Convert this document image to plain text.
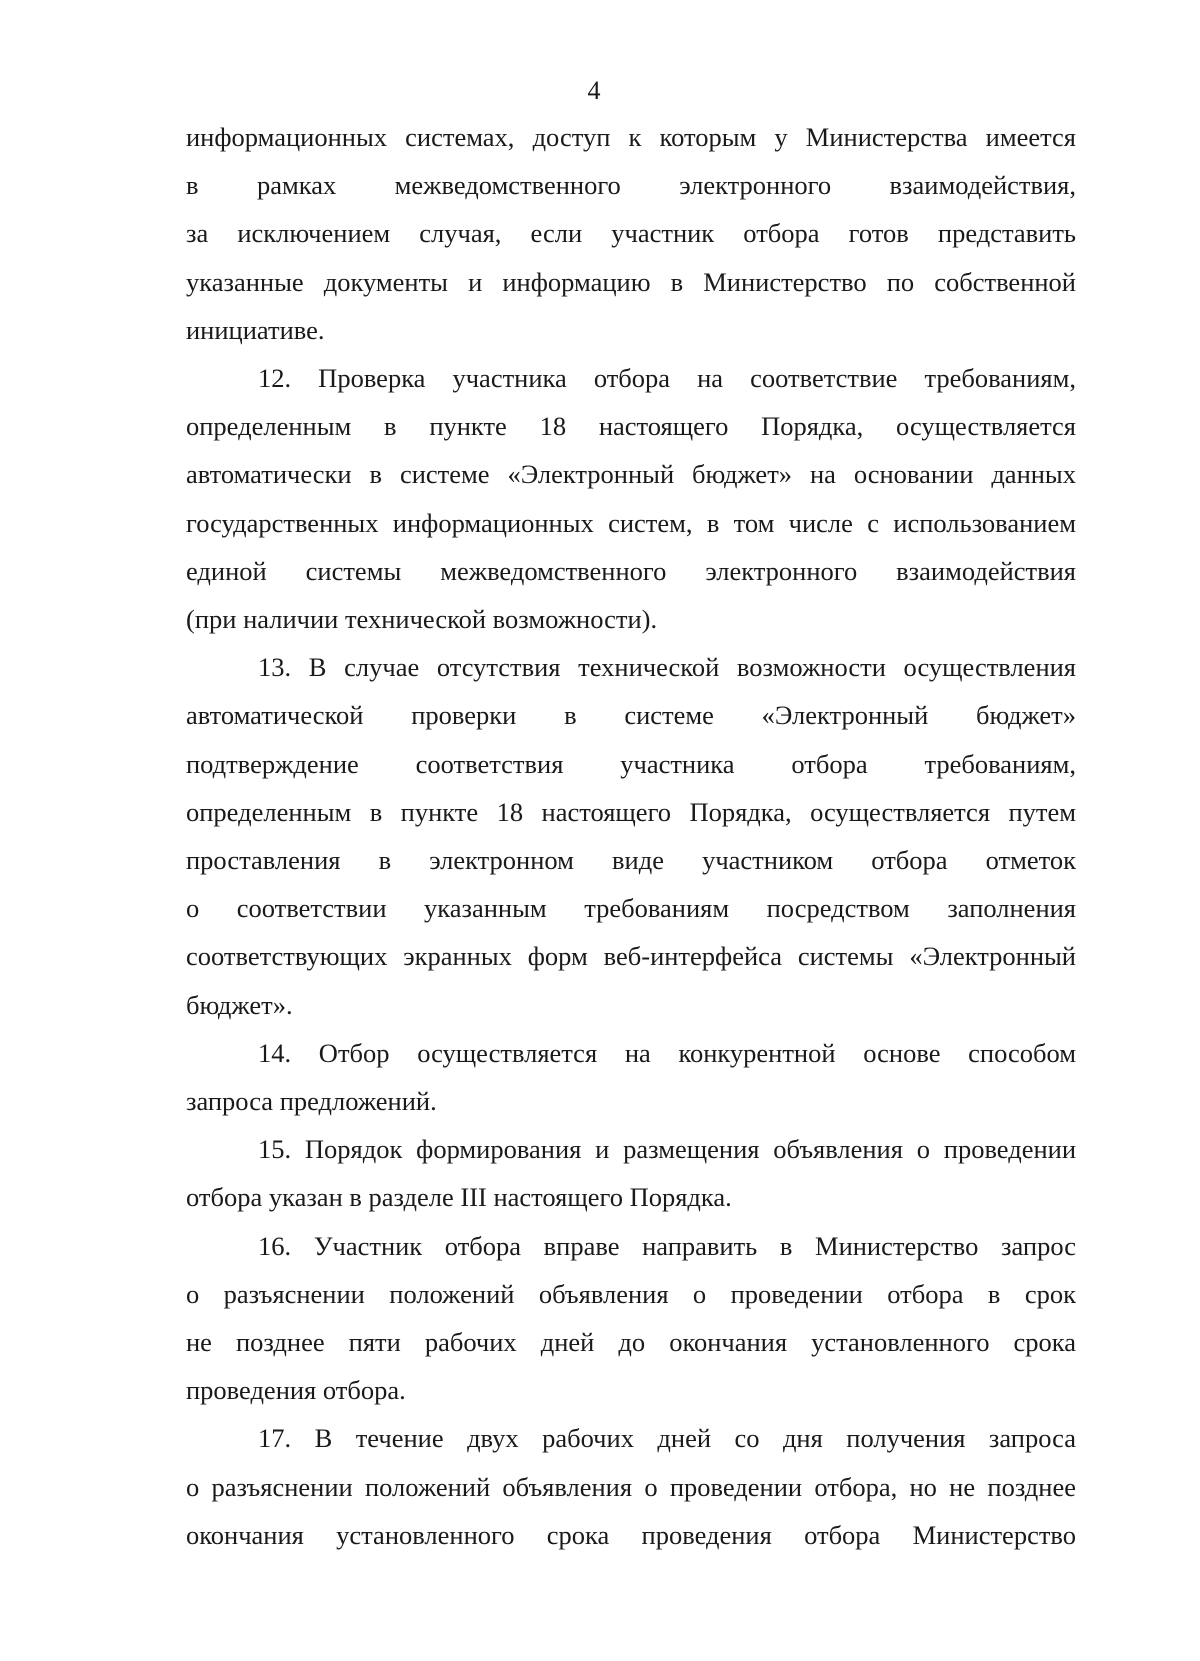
4

информационных системах, доступ к которым у Министерства имеется
в рамках межведомственного электронного взаимодействия,
за исключением случая, если участник отбора готов представить
указанные документы и информацию в Министерство по собственной
инициативе.

12. Проверка участника отбора на соответствие требованиям,
определенным в пункте 18 настоящего Порядка, осуществляется
автоматически в системе «Электронный бюджет» на основании данных
государственных информационных систем, в том числе с использованием
единой системы межведомственного электронного взаимодействия
(при наличии технической возможности).

13. В случае отсутствия технической возможности осуществления
автоматической проверки в системе «Электронный бюджет»
подтверждение соответствия участника отбора требованиям,
определенным в пункте 18 настоящего Порядка, осуществляется путем
проставления в электронном виде участником отбора отметок
о соответствии указанным требованиям посредством заполнения
соответствующих экранных форм веб-интерфейса системы «Электронный
бюджет».

14. Отбор осуществляется на конкурентной основе способом
запроса предложений.

15. Порядок формирования и размещения объявления о проведении
отбора указан в разделе III настоящего Порядка.

16. Участник отбора вправе направить в Министерство запрос
о разъяснении положений объявления о проведении отбора в срок
не позднее пяти рабочих дней до окончания установленного срока
проведения отбора.

17. В течение двух рабочих дней со дня получения запроса
о разъяснении положений объявления о проведении отбора, но не позднее
окончания установленного срока проведения отбора Министерство
